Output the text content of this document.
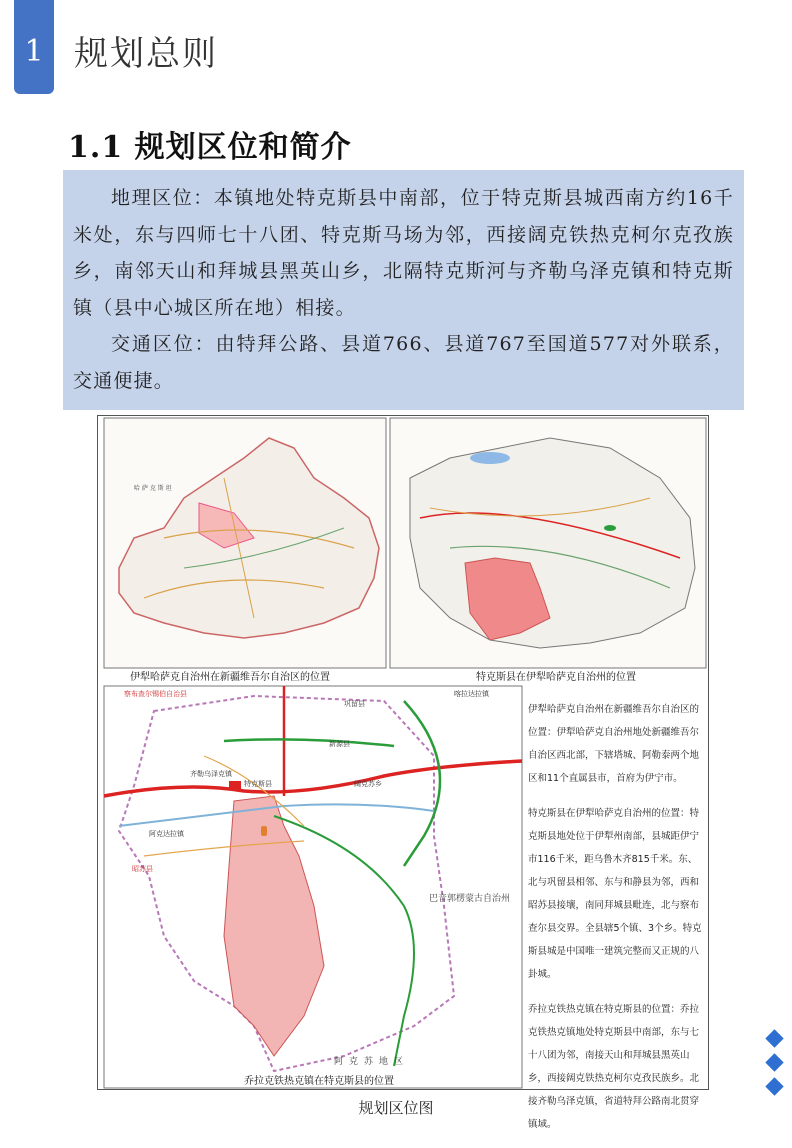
1 规划总则
1.1 规划区位和简介

地理区位：本镇地处特克斯县中南部，位于特克斯县城西南方约16千米处，东与四师七十八团、特克斯马场为邻，西接阔克铁热克柯尔克孜族乡，南邻天山和拜城县黑英山乡，北隔特克斯河与齐勒乌泽克镇和特克斯镇（县中心城区所在地）相接。

交通区位：由特拜公路、县道766、县道767至国道577对外联系，交通便捷。

哈 萨 克 斯 坦
伊犁哈萨克自治州在新疆维吾尔自治区的位置	特克斯县在伊犁哈萨克自治州的位置
察布查尔锡伯自治县	喀拉达拉镇
巩留县
齐勒乌泽克镇
特克斯县	阔克苏乡
昭苏县
巴音郭楞蒙古自治州
阿克苏地区
阿克达拉镇
新源县
乔拉克铁热克镇在特克斯县的位置

伊犁哈萨克自治州在新疆维吾尔自治区的位置：伊犁哈萨克自治州地处新疆维吾尔自治区西北部，下辖塔城、阿勒泰两个地区和11个直属县市，首府为伊宁市。

特克斯县在伊犁哈萨克自治州的位置：特克斯县地处位于伊犁州南部，县城距伊宁市116千米，距乌鲁木齐815千米。东、北与巩留县相邻、东与和静县为邻，西和昭苏县接壤，南同拜城县毗连，北与察布查尔县交界。全县辖5个镇、3个乡。特克斯县城是中国唯一建筑完整而又正规的八卦城。

乔拉克铁热克镇在特克斯县的位置：乔拉克铁热克镇地处特克斯县中南部，东与七十八团为邻，南接天山和拜城县黑英山乡，西接阔克铁热克柯尔克孜民族乡。北接齐勒乌泽克镇，省道特拜公路南北贯穿镇域。

规划区位图
